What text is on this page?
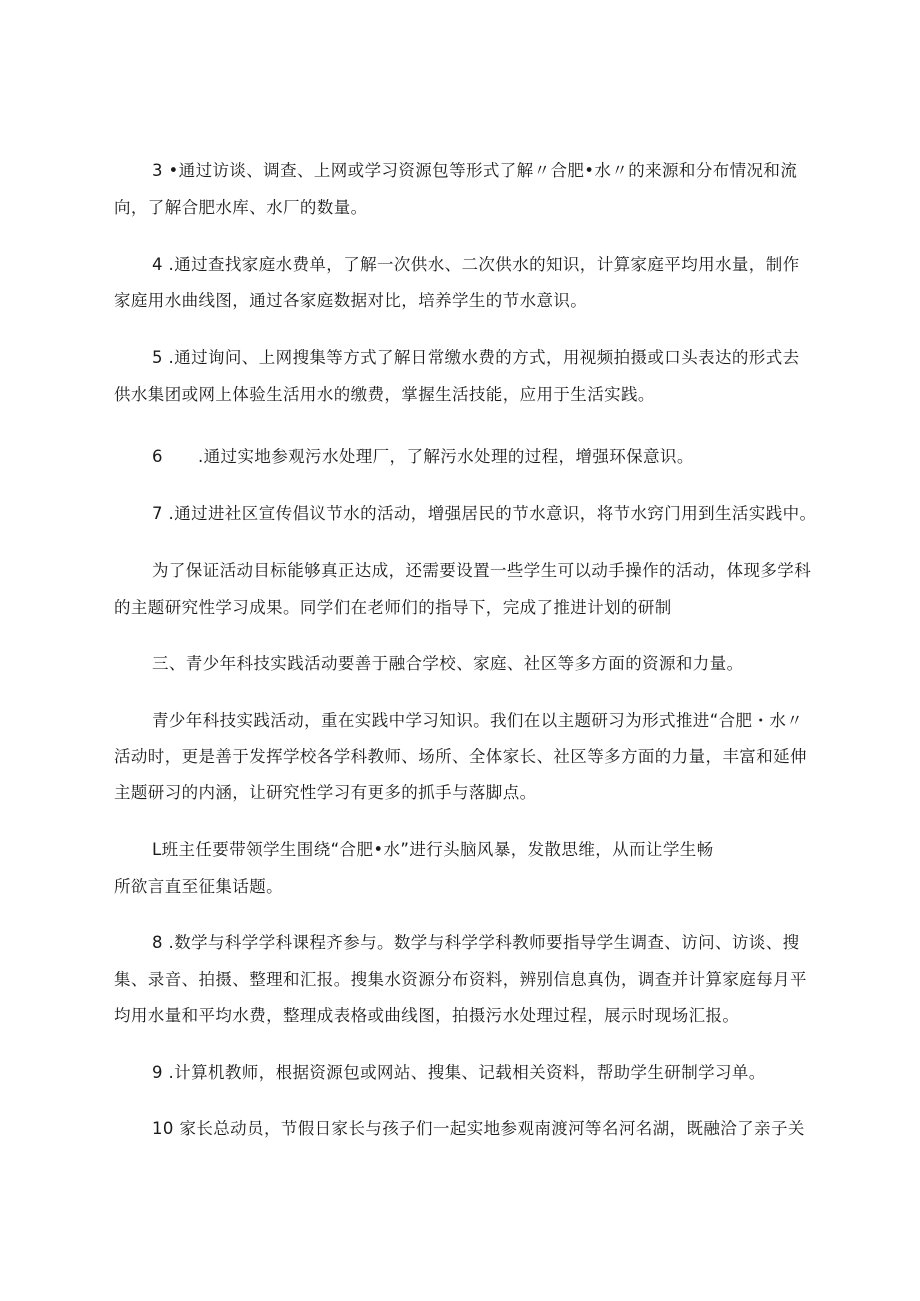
3 •通过访谈、调查、上网或学习资源包等形式了解〃合肥•水〃的来源和分布情况和流

向，了解合肥水库、水厂的数量。

4 .通过查找家庭水费单，了解一次供水、二次供水的知识，计算家庭平均用水量，制作

家庭用水曲线图，通过各家庭数据对比，培养学生的节水意识。

5 .通过询问、上网搜集等方式了解日常缴水费的方式，用视频拍摄或口头表达的形式去

供水集团或网上体验生活用水的缴费，掌握生活技能，应用于生活实践。

6 .通过实地参观污水处理厂，了解污水处理的过程，增强环保意识。

7 .通过进社区宣传倡议节水的活动，增强居民的节水意识，将节水窍门用到生活实践中。

为了保证活动目标能够真正达成，还需要设置一些学生可以动手操作的活动，体现多学科

的主题研究性学习成果。同学们在老师们的指导下，完成了推进计划的研制

三、青少年科技实践活动要善于融合学校、家庭、社区等多方面的资源和力量。

青少年科技实践活动，重在实践中学习知识。我们在以主题研习为形式推进“合肥・水〃

活动时，更是善于发挥学校各学科教师、场所、全体家长、社区等多方面的力量，丰富和延伸

主题研习的内涵，让研究性学习有更多的抓手与落脚点。

L班主任要带领学生围绕“合肥•水”进行头脑风暴，发散思维，从而让学生畅

所欲言直至征集话题。

8 .数学与科学学科课程齐参与。数学与科学学科教师要指导学生调查、访问、访谈、搜

集、录音、拍摄、整理和汇报。搜集水资源分布资料，辨别信息真伪，调查并计算家庭每月平

均用水量和平均水费，整理成表格或曲线图，拍摄污水处理过程，展示时现场汇报。

9 .计算机教师，根据资源包或网站、搜集、记载相关资料，帮助学生研制学习单。

10 家长总动员，节假日家长与孩子们一起实地参观南渡河等名河名湖，既融洽了亲子关
